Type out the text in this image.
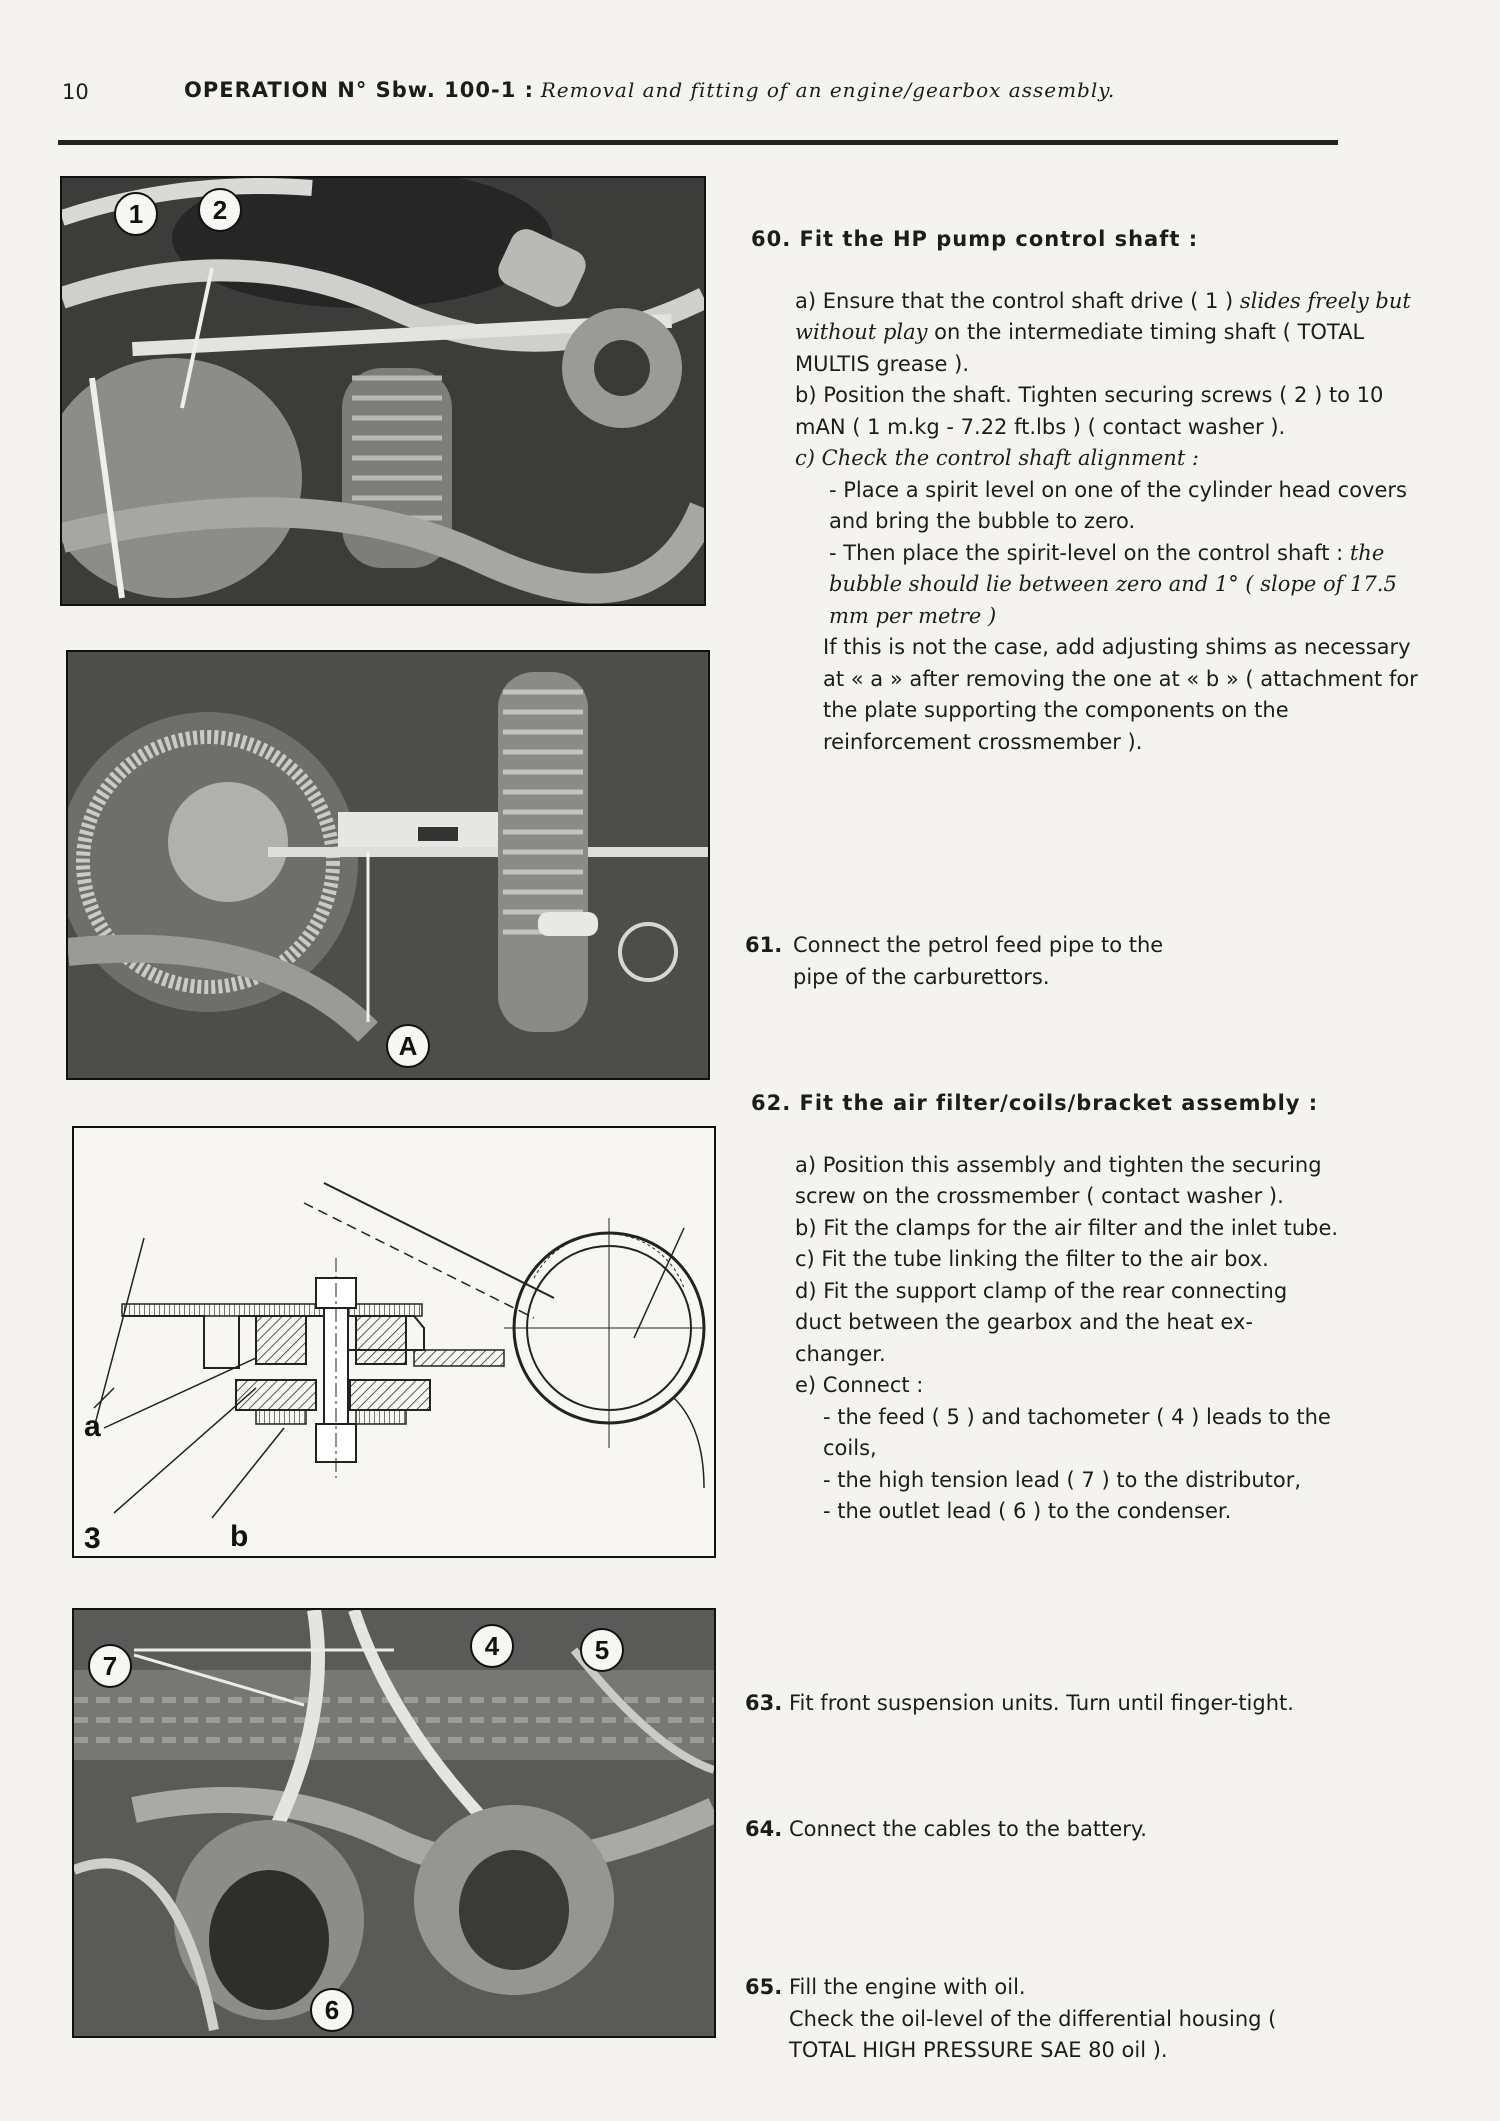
10	OPERATION N° Sbw. 100-1 : Removal and fitting of an engine/gearbox assembly.
1	2
A
a
3	b
7
4	5
6
60. Fit the HP pump control shaft :
a) Ensure that the control shaft drive ( 1 ) slides freely but without play on the intermediate timing shaft ( TOTAL MULTIS grease ).
b) Position the shaft. Tighten securing screws ( 2 ) to 10 mAN ( 1 m.kg - 7.22 ft.lbs ) ( contact washer ).
c) Check the control shaft alignment :
- Place a spirit level on one of the cylinder head covers and bring the bubble to zero.
- Then place the spirit-level on the control shaft : the bubble should lie between zero and 1° ( slope of 17.5 mm per metre )
If this is not the case, add adjusting shims as necessary at « a » after removing the one at « b » ( attachment for the plate supporting the components on the reinforcement crossmember ).
61. Connect the petrol feed pipe to the pipe of the carburettors.
62. Fit the air filter/coils/bracket assembly :
a) Position this assembly and tighten the securing screw on the crossmember ( contact washer ).
b) Fit the clamps for the air filter and the inlet tube.
c) Fit the tube linking the filter to the air box.
d) Fit the support clamp of the rear connecting duct between the gearbox and the heat ex-changer.
e) Connect :
- the feed ( 5 ) and tachometer ( 4 ) leads to the coils,
- the high tension lead ( 7 ) to the distributor,
- the outlet lead ( 6 ) to the condenser.
63. Fit front suspension units. Turn until finger-tight.
64. Connect the cables to the battery.
65. Fill the engine with oil.
Check the oil-level of the differential housing ( TOTAL HIGH PRESSURE SAE 80 oil ).
